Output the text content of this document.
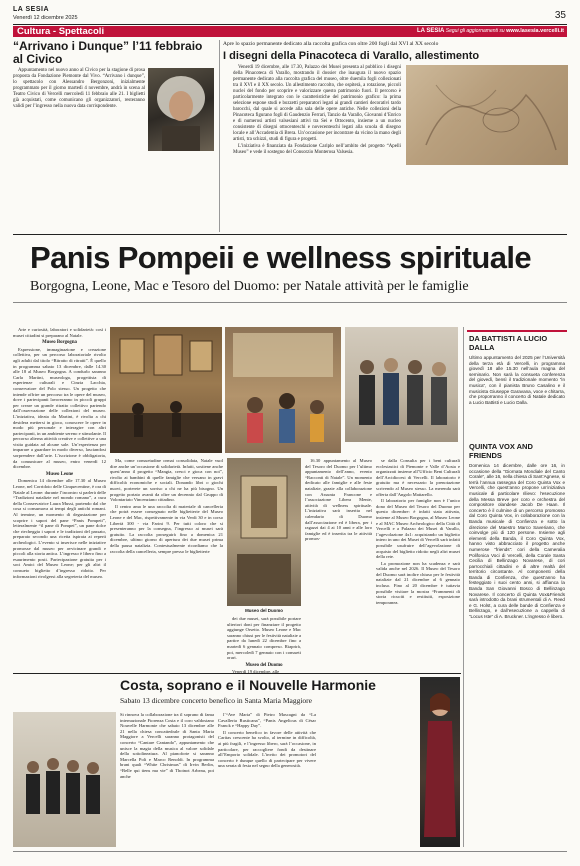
LA SESIA
Venerdì 12 dicembre 2025	35
Cultura - Spettacoli	LA SESIA Segui gli aggiornamenti su www.lasesia.vercelli.it
“Arrivano i Dunque” l’11 febbraio al Civico

Appuntamento nel nuovo anno al Civico per la stagione di prosa proposta da Fondazione Piemonte dal Vivo. “Arrivano i dunque”, lo spettacolo con Alessandro Bergonzoni, inizialmente programmato per il giorno martedì 4 novembre, andrà in scena al Teatro Civico di Vercelli mercoledì 11 febbraio alle 21. I biglietti già acquistati, come comunicano gli organizzatori, resteranno validi per l’ingresso nella nuova data corrispondente.

Apre lo spazio permanente dedicato alla raccolta grafica con oltre 200 fogli dal XVI al XX secolo
I disegni della Pinacoteca di Varallo, allestimento

Venerdì 19 dicembre, alle 17.30, Palazzo dei Musei presenta al pubblico i disegni della Pinacoteca di Varallo, mostrando il dossier che inaugura il nuovo spazio permanente dedicato alla raccolta grafica del museo, oltre duemila fogli collezionati tra il XVI e il XX secolo. Un allestimento raccolto, che ospiterà, a rotazione, piccoli nuclei del fondo per scoprire e valorizzare questo patrimonio fuori. Il percorso è particolarmente integrato con le caratteristiche del patrimonio grafico: la prima selezione espone studi e bozzetti preparatori legati ai grandi cantieri decorativi tardo barocchi, dal quale si accede alla sala delle opere antiche. Nelle collezioni della Pinacoteca figurano fogli di Gaudenzio Ferrari, Tanzio da Varallo, Giovanni d’Enrico e di numerosi artisti valsesiani attivi tra Sei e Ottocento, insieme a un nucleo consistente di disegni ottocenteschi e novecenteschi legati alla scuola di disegno locale e all’Accademia di Brera. Un’occasione per incontrare da vicino la mano degli artisti, tra schizzi, studi di figura e progetti.

L’iniziativa è finanziata da Fondazione Cariplo nell’ambito del progetto “Apelli Museo” e vede il sostegno del Consorzio Monterosa Valsesia.

Panis Pompeii e wellness spirituale
Borgogna, Leone, Mac e Tesoro del Duomo: per Natale attività per le famiglie

Arte e curiosità, laboratori e solidarietà: così i musei cittadini si preparano al Natale.

Museo Borgogna

Espressione, immaginazione e creazione collettiva, per un percorso laboratoriale rivolto agli adulti dal titolo “Ritratto di ritratti”. È quello in programma sabato 13 dicembre, dalle 14.30 alle 18 al Museo Borgogna. A condurlo saranno Carla Martini, museologa, progettista di esperienze culturali e Cinzia Lacchia, conservatore del Polo stesso. Un progetto che intende offrire un percorso tra le opere del museo, dove i partecipanti lavoreranno in piccoli gruppi per creare un grande ritratto collettivo partendo dall’osservazione delle collezioni del museo. L’iniziativa, ideata da Martini, è rivolta a chi desidera mettersi in gioco, conoscere le opere in modo più personale e interagire con altri partecipanti, in un ambiente sereno e stimolante. Il percorso alterna attività creative e collettive a una visita guidata ad alcune sale. Un’esperienza per imparare a guardare in modo diverso, lasciandosi sorprendere dall’arte. L’iscrizione è obbligatoria, da comunicare al museo, entro venerdì 12 dicembre.

Museo Leone

Domenica 14 dicembre alle 17.30 al Museo Leone, nel Corridoio delle Cinquecentine, è ora di Natale al Leone: durante l’incontro si parlerà delle “Tradizioni natalizie nel mondo romano”, a cura della Conservatrice Laura Mussi, partendo dal che cosa si consumava ai tempi degli antichi romani. Al termine, un momento di degustazione per scoprire i sapori del pane “Panis Pompeii”, letteralmente “il pane di Pompei”, un pane dolce che riecheggia i sapori e le tradizioni del passato, preparato secondo una ricetta ispirata ai reperti archeologici. L’evento si inserisce nelle iniziative promosse dal museo per avvicinare grandi e piccoli alla storia antica. L’ingresso è libero fino a esaurimento posti. Partecipazione gratuita per i soci Amici del Museo Leone; per gli altri il consueto biglietto d’ingresso ridotto. Per informazioni rivolgersi alla segreteria del museo.

Ma, come consuetudine ormai consolidata, Natale vuol dire anche un’occasione di solidarietà. Infatti, sostiene anche quest’anno il progetto “Mangia, cresci e gioca con noi”, rivolto ai bambini di quelle famiglie che versano in gravi difficoltà economiche e sociali. Donando libri o giochi nuovi, porterete un sorriso a chi ne ha più bisogno. Un progetto portato avanti da oltre un decennio dal Gruppo di Volontariato Vincenziano cittadino.

Il centro ama le una raccolta di materiale di cancelleria che potrà essere consegnato nelle biglietterie del Museo Leone e del Mac, rispettivamente in via Verdi 30 e in corso Libertà 300 - via Farini 9. Per tutti coloro che si presenteranno per la consegna, l’ingresso ai musei sarà gratuito. La raccolta proseguirà fino a domenica 21 dicembre, ultimo giorno di apertura dei due musei prima della pausa natalizia. Contestualmente ricordiamo che la raccolta della cancelleria, sempre presso le biglietterie

Museo del Duomo

dei due musei, sarà possibile portare ulteriori doni per finanziare il progetto aggiunge Orsetto. Museo Leone e Mac saranno chiusi per le festività natalizie a partire da lunedì 22 dicembre fino a martedì 6 gennaio compreso. Riaprirà, poi, mercoledì 7 gennaio con i consueti orari.

Museo del Duomo

Venerdì 19 dicembre, alle

16.30 appuntamento al Museo del Tesoro del Duomo per l’ultimo appuntamento dell’anno, evento “Racconti di Natale”. Un momento dedicato alle famiglie e alle feste natalizie, grazie alla collaborazione con Assunta Francone e l’associazione Libera Mente, attività di wellness spirituale. L’iniziativa sarà inserita nel calendario di Duomo dall’associazione ed è libera, per i ragazzi dai 4 ai 10 anni e alle loro famiglie ed è inserita tra le attività promos-

se dalla Consulta per i beni culturali ecclesiastici di Piemonte e Valle d’Aosta e organizzati insieme all’Ufficio Beni Culturali dell’Arcidiocesi di Vercelli. Il laboratorio è gratuito ma è necessario la prenotazione scrivendo al Museo stesso. La merenda sarà offerta dall’Angolo Mattarello.

Il laboratorio per famiglie non è l’unico dono del Museo del Tesoro del Duomo per questo dicembre: è infatti stata attivata, insieme al Museo Borgogna, al Museo Leone e al MAC Museo Archeologico della Città di Vercelli e a Palazzo dei Musei di Varallo, l’agevolazione 4x1: acquistando un biglietto intero in uno dei Musei di Vercelli sarà infatti possibile usufruire dell’agevolazione di acquisto del biglietto ridotto negli altri musei della rete.

La promozione non ha scadenza e sarà valida anche nel 2026. Il Museo del Tesoro del Duomo sarà inoltre chiuso per le festività natalizie dal 21 dicembre al 6 gennaio incluso. Fino al 20 dicembre è tuttavia possibile visitare la mostra “Frammenti di storia ricuciti e restituiti, esposizione temporanea.

DA BATTISTI A LUCIO DALLA
Ultimo appuntamento del 2025 per l’Università della terza età di Vercelli, in programma giovedì 18 alle 15.30 nell’aula magna del seminario. Non sarà la consueta conferenza del giovedì, bensì il tradizionale momento “in musica”, con il pianista Bruno Casalino e il musicista Giuseppe Garavana, voce e chitarra, che proporranno il concerto di Natale dedicato a Lucio Battisti e Lucio Dalla.
QUINTA VOX AND FRIENDS
Domenica 14 dicembre, dalle ore 16, in occasione della “Giornata Mondiale del Canto Corale”, alle 16, nella chiesa di Sant’Agnese, si terrà l’annua rassegna del Coro Quinta Vox e Vercelli, che quest’anno propone un’iniziativa musicale di particolare rilievo: l’esecuzione della Messa Breve per coro e orchestra del compositore olandese Jacob De Haan. Il concerto è il culmine di un percorso promosso dal Coro Quinta Vox, in collaborazione con la Banda musicale di Confienza e sotto la direzione del Maestro Marco Saveriano, che coinvolge più di 120 persone. Insieme agli elementi della Banda, il Coro Quinta Vox, hanno visto abbracciato il progetto anche numerose “friends”: cori della Cameralia Polifonica Voci di Vercelli, della Corale Santa Cecilia di Bellinzago Novarese, di cori parrocchiali cittadini e di altre realtà del territorio circostante. Al componenti della Banda di Confienza, che quest’anno ha festeggiato i suoi cento anni, si affianca la Banda San Giovanni Bosco di Bellinzago Novarese. Il concerto di Quinta Vox&Friends sarà introdotto da brani strumentali di A. Reed e G. Holst, a cura delle bande di Confienza e Bellinzago, e dall’esecuzione a cappella di “Locus Iste” di A. Bruckner. L’ingresso è libero.
Costa, soprano e il Nouvelle Harmonie
Sabato 13 dicembre concerto benefico in Santa Maria Maggiore
Si rinnova la collaborazione tra il soprano di fama internazionale Fiorenza Costa e il coro valdostano Nouvelle Harmonie che sabato 13 dicembre alle 21 nella chiesa concattedrale di Santa Maria Maggiore a Vercelli saranno protagonisti del concerto “Cantare Cantando”, appuntamento che unisce la magia della musica al valore solidale della sottolineatura. Al pianoforte si saranno Marcella Poli e Marco Renoldi. In programma brani quali “White Christmas” di Irvin Berlin, “Belle qui tiens ma vie” di Thoinot Arbeau, poi anche

l’“Ave Maria” di Pietro Mascagni da “La Cavalleria Rusticana”, “Panis Angelicus di César Franck e “Happy Day”.

Il concerto benefico in favore delle attività che Caritas crescente ha svolto, al termine in difficoltà, ai più fragili, e l’ingresso libero, sarà l’occasione, in particolare, per raccogliere fondi da destinare all’Emporio solidale. L’invito dei promotori del concerto è dunque quello di partecipare per vivere una serata di festa nel segno della generosità.
